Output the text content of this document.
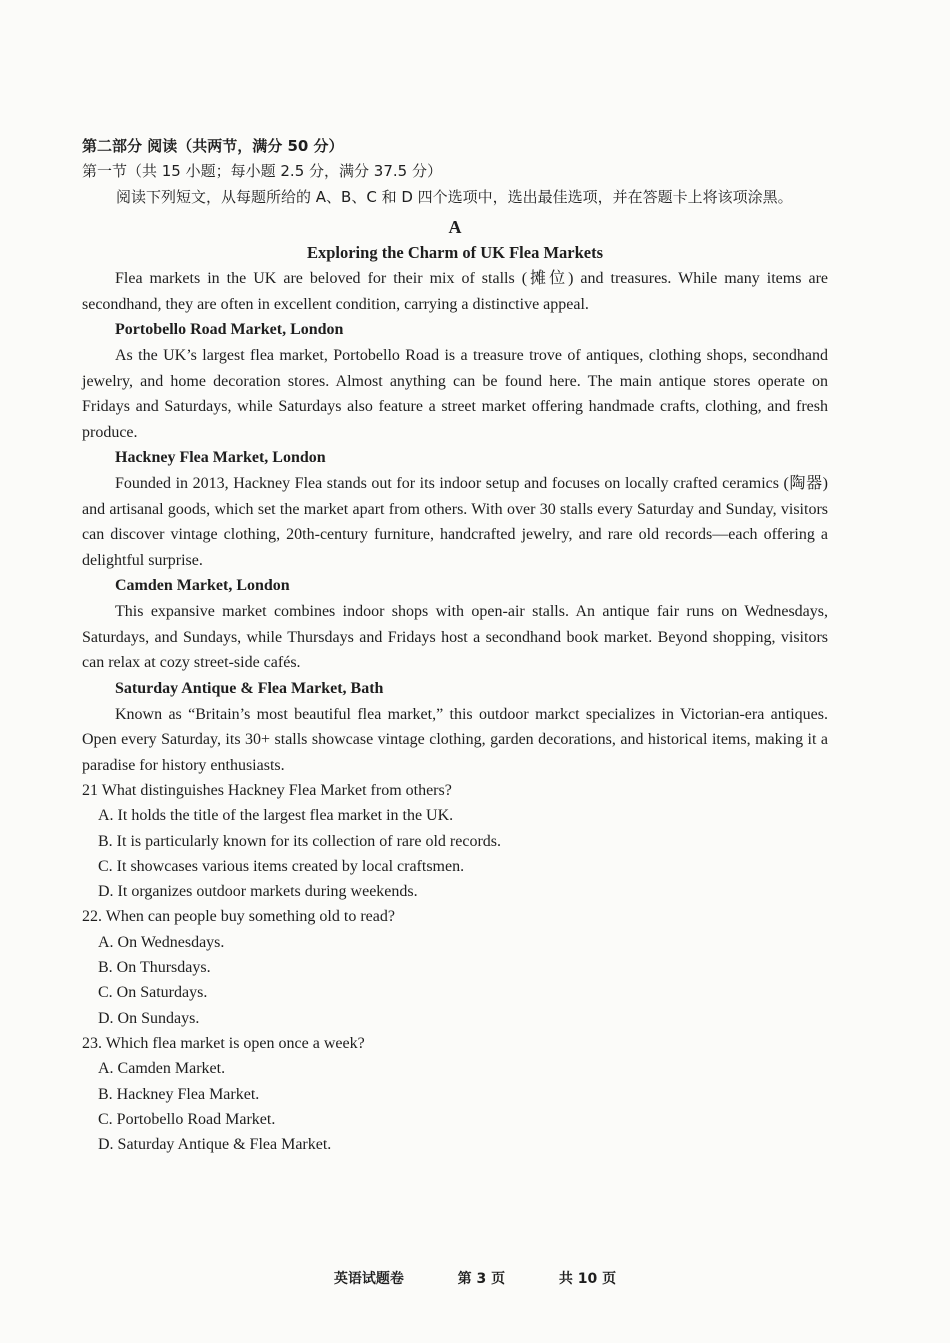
第二部分 阅读（共两节，满分 50 分）

第一节（共 15 小题；每小题 2.5 分，满分 37.5 分）

阅读下列短文，从每题所给的 A、B、C 和 D 四个选项中，选出最佳选项，并在答题卡上将该项涂黑。

A

Exploring the Charm of UK Flea Markets

Flea markets in the UK are beloved for their mix of stalls (摊位) and treasures. While many items are secondhand, they are often in excellent condition, carrying a distinctive appeal.

Portobello Road Market, London

As the UK’s largest flea market, Portobello Road is a treasure trove of antiques, clothing shops, secondhand jewelry, and home decoration stores. Almost anything can be found here. The main antique stores operate on Fridays and Saturdays, while Saturdays also feature a street market offering handmade crafts, clothing, and fresh produce.

Hackney Flea Market, London

Founded in 2013, Hackney Flea stands out for its indoor setup and focuses on locally crafted ceramics (陶器) and artisanal goods, which set the market apart from others. With over 30 stalls every Saturday and Sunday, visitors can discover vintage clothing, 20th-century furniture, handcrafted jewelry, and rare old records—each offering a delightful surprise.

Camden Market, London

This expansive market combines indoor shops with open-air stalls. An antique fair runs on Wednesdays, Saturdays, and Sundays, while Thursdays and Fridays host a secondhand book market. Beyond shopping, visitors can relax at cozy street-side cafés.

Saturday Antique & Flea Market, Bath

Known as “Britain’s most beautiful flea market,” this outdoor markct specializes in Victorian-era antiques. Open every Saturday, its 30+ stalls showcase vintage clothing, garden decorations, and historical items, making it a paradise for history enthusiasts.

21 What distinguishes Hackney Flea Market from others?

A. It holds the title of the largest flea market in the UK.

B. It is particularly known for its collection of rare old records.

C. It showcases various items created by local craftsmen.

D. It organizes outdoor markets during weekends.

22. When can people buy something old to read?

A. On Wednesdays.

B. On Thursdays.

C. On Saturdays.

D. On Sundays.

23. Which flea market is open once a week?

A. Camden Market.

B. Hackney Flea Market.

C. Portobello Road Market.

D. Saturday Antique & Flea Market.

英语试题卷	第 3 页	共 10 页
